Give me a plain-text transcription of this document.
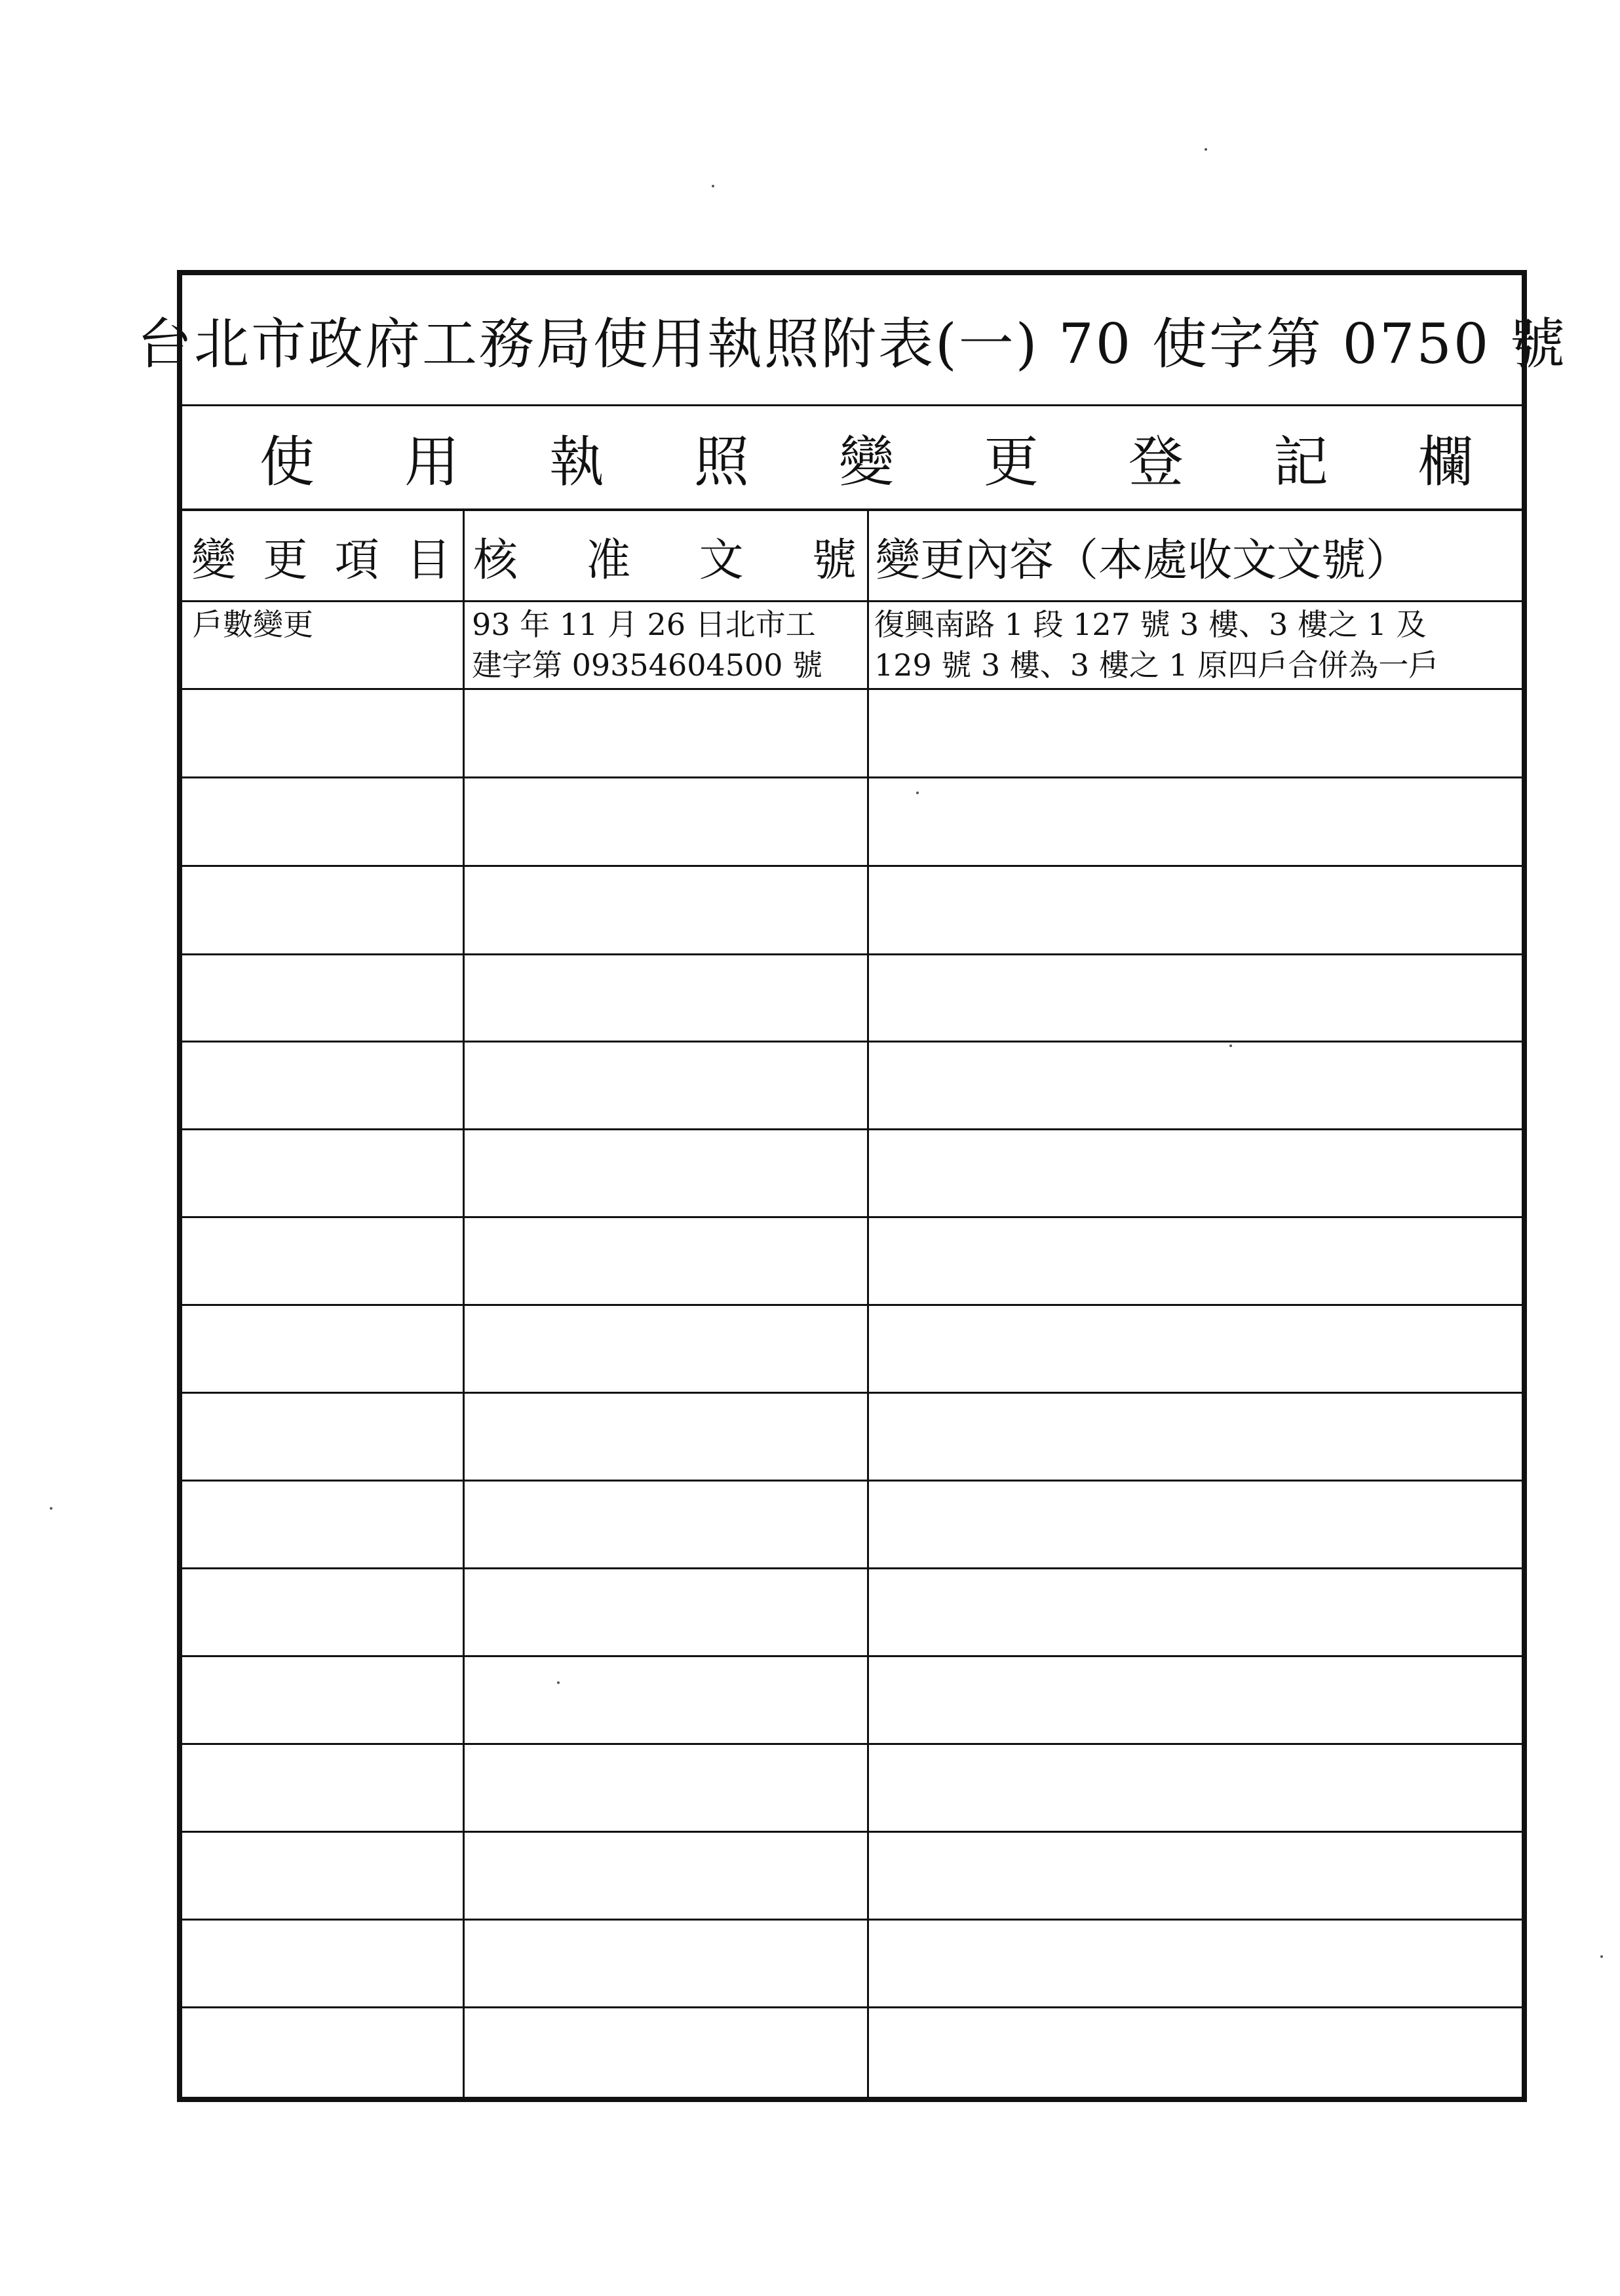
台北市政府工務局使用執照附表(一) 70 使字第 0750 號
使 用 執 照 變 更 登 記 欄
變 更 項 目 核 准 文 號 變更內容（本處收文文號）
戶數變更	93 年 11 月 26 日北市工
建字第 09354604500 號
復興南路 1 段 127 號 3 樓、3 樓之 1 及
129 號 3 樓、3 樓之 1 原四戶合併為一戶
